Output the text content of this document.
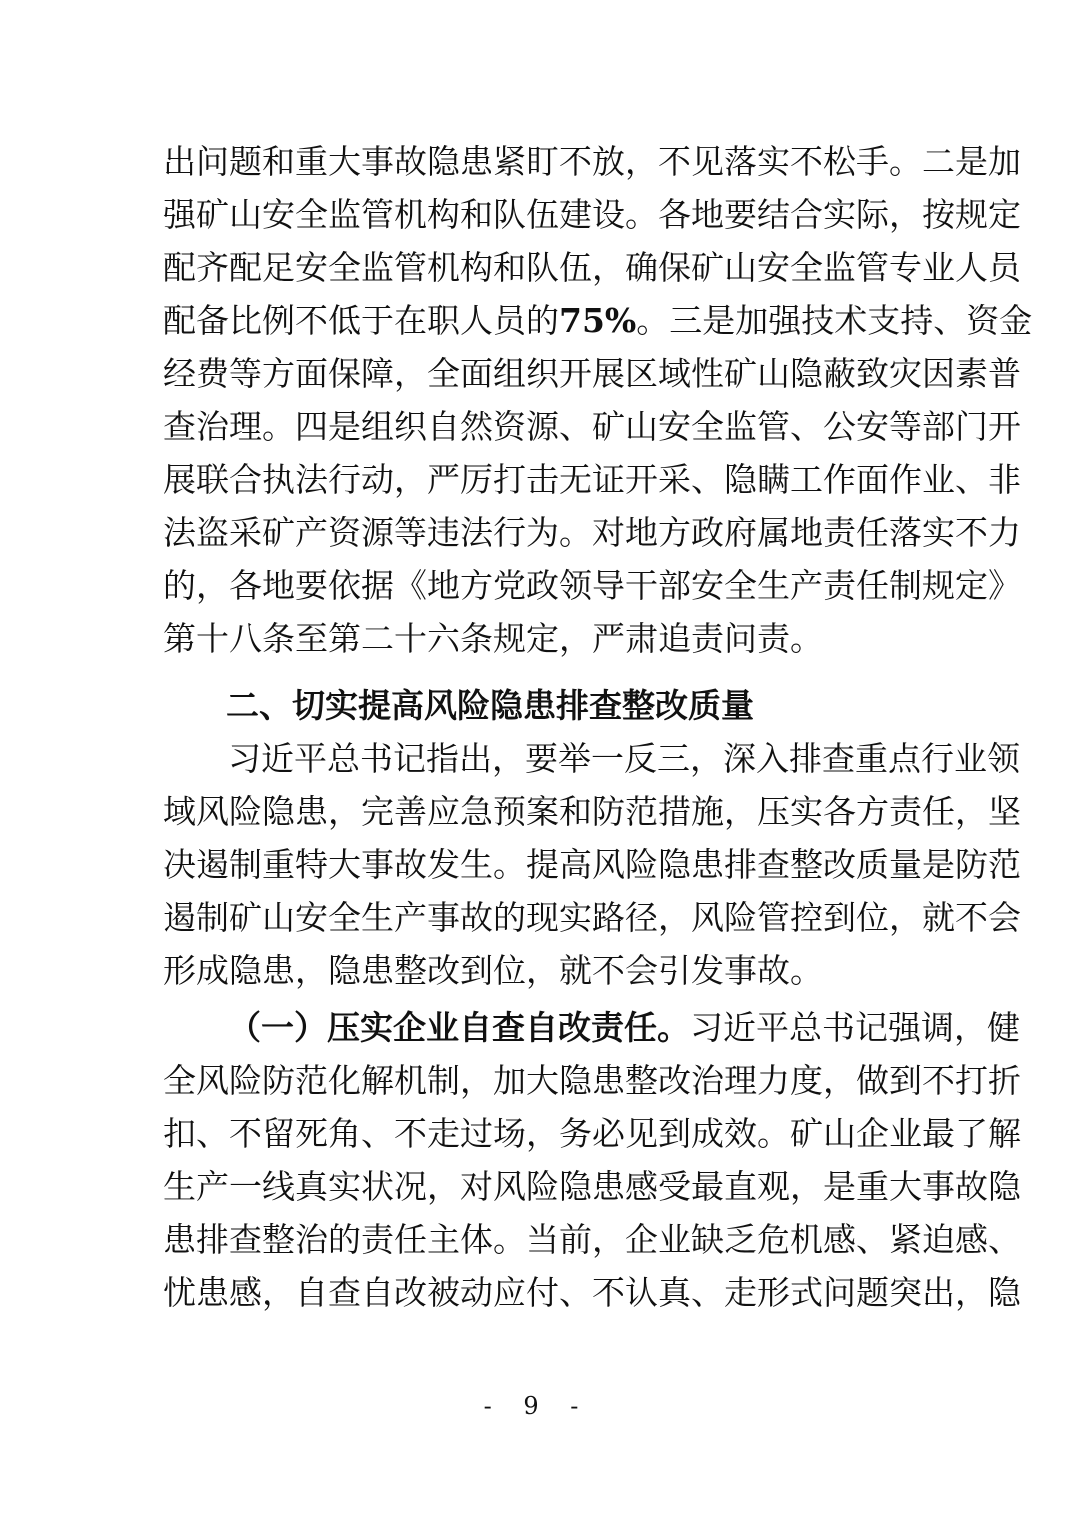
出问题和重大事故隐患紧盯不放，不见落实不松手。二是加
强矿山安全监管机构和队伍建设。各地要结合实际，按规定
配齐配足安全监管机构和队伍，确保矿山安全监管专业人员
配备比例不低于在职人员的75%。三是加强技术支持、资金
经费等方面保障，全面组织开展区域性矿山隐蔽致灾因素普
查治理。四是组织自然资源、矿山安全监管、公安等部门开
展联合执法行动，严厉打击无证开采、隐瞒工作面作业、非
法盗采矿产资源等违法行为。对地方政府属地责任落实不力
的，各地要依据《地方党政领导干部安全生产责任制规定》
第十八条至第二十六条规定，严肃追责问责。
二、切实提高风险隐患排查整改质量
习近平总书记指出，要举一反三，深入排查重点行业领
域风险隐患，完善应急预案和防范措施，压实各方责任，坚
决遏制重特大事故发生。提高风险隐患排查整改质量是防范
遏制矿山安全生产事故的现实路径，风险管控到位，就不会
形成隐患，隐患整改到位，就不会引发事故。
（一）压实企业自查自改责任。习近平总书记强调，健
全风险防范化解机制，加大隐患整改治理力度，做到不打折
扣、不留死角、不走过场，务必见到成效。矿山企业最了解
生产一线真实状况，对风险隐患感受最直观，是重大事故隐
患排查整治的责任主体。当前，企业缺乏危机感、紧迫感、
忧患感，自查自改被动应付、不认真、走形式问题突出，隐
- 9 -
